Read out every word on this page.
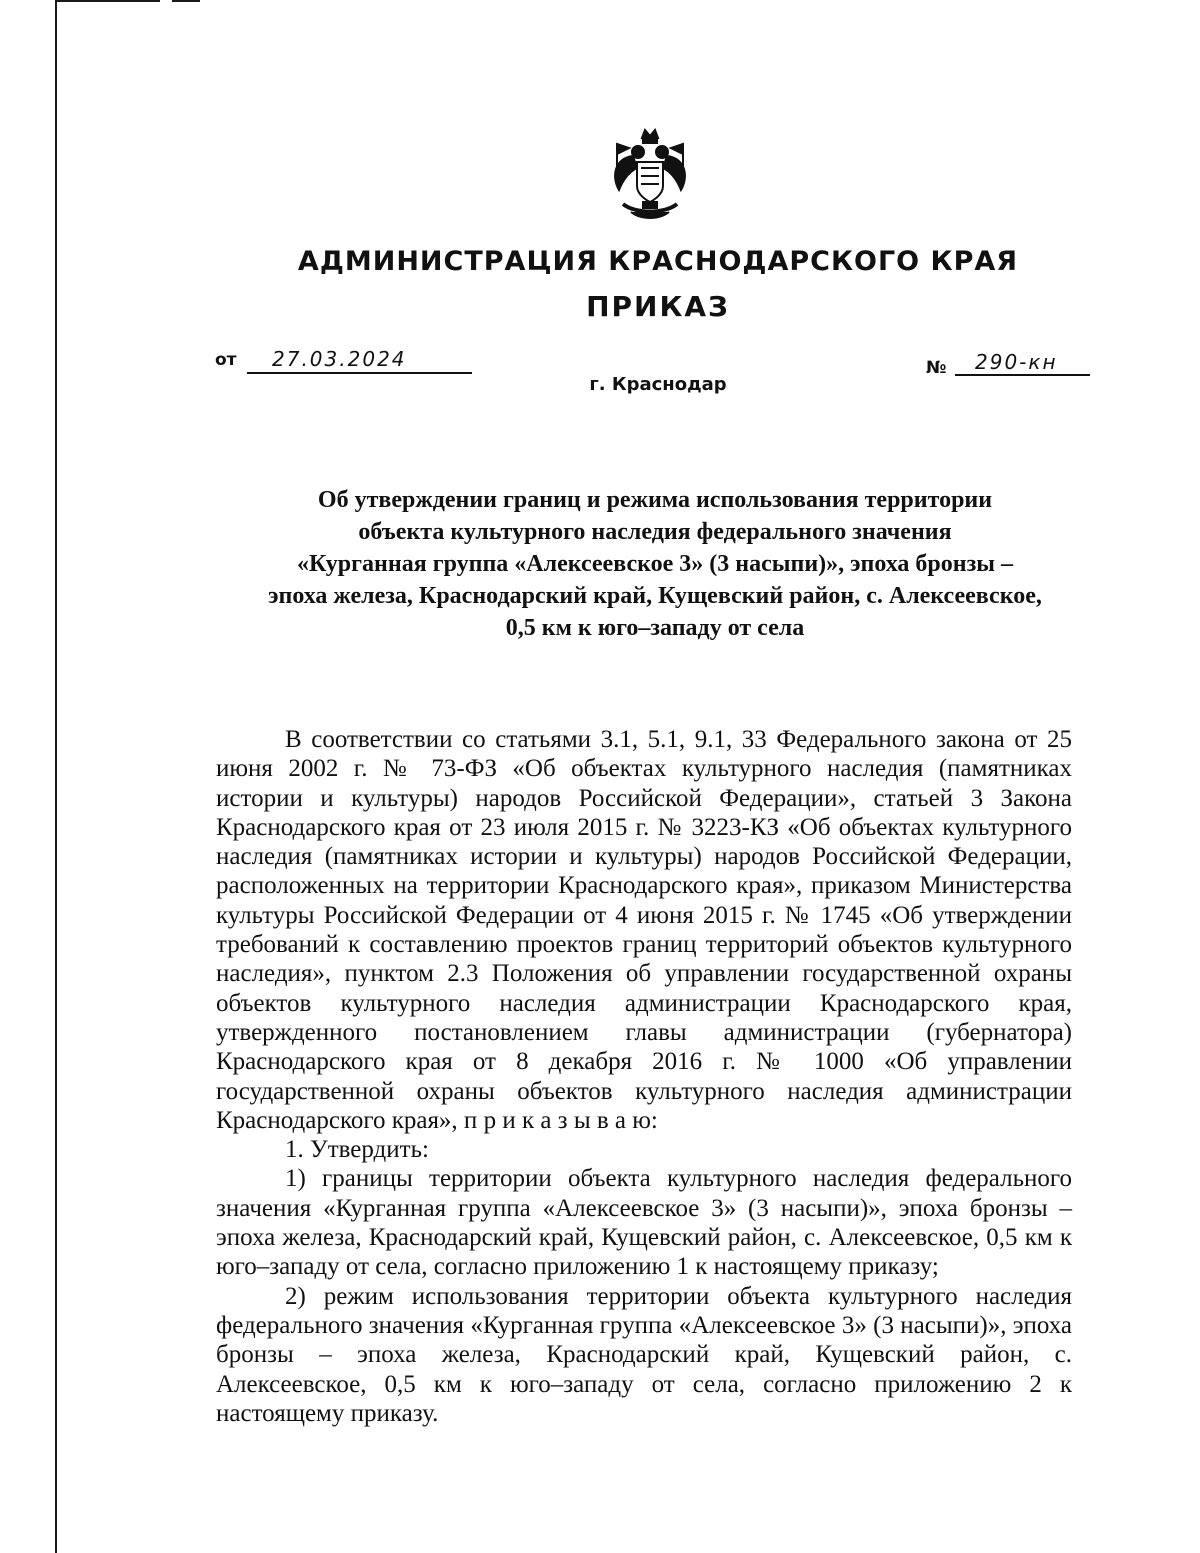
АДМИНИСТРАЦИЯ КРАСНОДАРСКОГО КРАЯ
ПРИКАЗ
от 27.03.2024	№ 290-кн
г. Краснодар
Об утверждении границ и режима использования территории
объекта культурного наследия федерального значения
«Курганная группа «Алексеевское 3» (3 насыпи)», эпоха бронзы –
эпоха железа, Краснодарский край, Кущевский район, с. Алексеевское,
0,5 км к юго–западу от села

В соответствии со статьями 3.1, 5.1, 9.1, 33 Федерального закона от 25 июня 2002 г. № 73-ФЗ «Об объектах культурного наследия (памятниках истории и культуры) народов Российской Федерации», статьей 3 Закона Краснодарского края от 23 июля 2015 г. № 3223-КЗ «Об объектах культурного наследия (памятниках истории и культуры) народов Российской Федерации, расположенных на территории Краснодарского края», приказом Министерства культуры Российской Федерации от 4 июня 2015 г. № 1745 «Об утверждении требований к составлению проектов границ территорий объектов культурного наследия», пунктом 2.3 Положения об управлении государственной охраны объектов культурного наследия администрации Краснодарского края, утвержденного постановлением главы администрации (губернатора) Краснодарского края от 8 декабря 2016 г. № 1000 «Об управлении государственной охраны объектов культурного наследия администрации Краснодарского края», п р и к а з ы в а ю:

1. Утвердить:

1) границы территории объекта культурного наследия федерального значения «Курганная группа «Алексеевское 3» (3 насыпи)», эпоха бронзы – эпоха железа, Краснодарский край, Кущевский район, с. Алексеевское, 0,5 км к юго–западу от села, согласно приложению 1 к настоящему приказу;

2) режим использования территории объекта культурного наследия федерального значения «Курганная группа «Алексеевское 3» (3 насыпи)», эпоха бронзы – эпоха железа, Краснодарский край, Кущевский район, с. Алексеевское, 0,5 км к юго–западу от села, согласно приложению 2 к настоящему приказу.
